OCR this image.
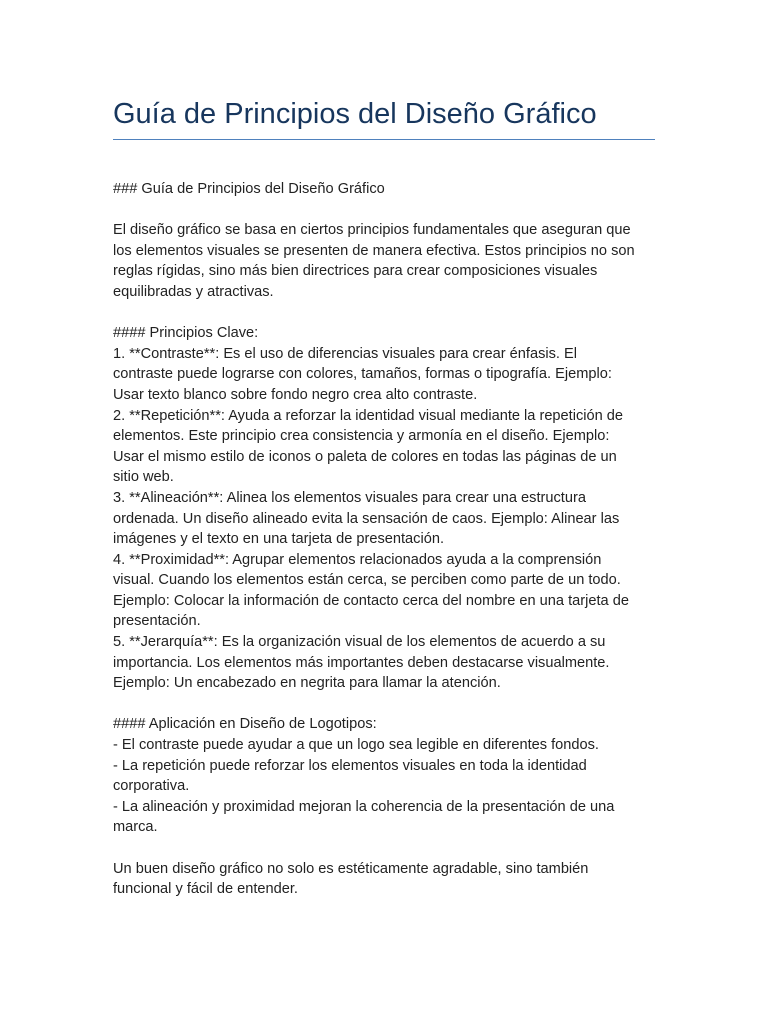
Guía de Principios del Diseño Gráfico

### Guía de Principios del Diseño Gráfico

El diseño gráfico se basa en ciertos principios fundamentales que aseguran que

los elementos visuales se presenten de manera efectiva. Estos principios no son

reglas rígidas, sino más bien directrices para crear composiciones visuales

equilibradas y atractivas.

#### Principios Clave:

1. **Contraste**: Es el uso de diferencias visuales para crear énfasis. El

contraste puede lograrse con colores, tamaños, formas o tipografía. Ejemplo:

Usar texto blanco sobre fondo negro crea alto contraste.

2. **Repetición**: Ayuda a reforzar la identidad visual mediante la repetición de

elementos. Este principio crea consistencia y armonía en el diseño. Ejemplo:

Usar el mismo estilo de iconos o paleta de colores en todas las páginas de un

sitio web.

3. **Alineación**: Alinea los elementos visuales para crear una estructura

ordenada. Un diseño alineado evita la sensación de caos. Ejemplo: Alinear las

imágenes y el texto en una tarjeta de presentación.

4. **Proximidad**: Agrupar elementos relacionados ayuda a la comprensión

visual. Cuando los elementos están cerca, se perciben como parte de un todo.

Ejemplo: Colocar la información de contacto cerca del nombre en una tarjeta de

presentación.

5. **Jerarquía**: Es la organización visual de los elementos de acuerdo a su

importancia. Los elementos más importantes deben destacarse visualmente.

Ejemplo: Un encabezado en negrita para llamar la atención.

#### Aplicación en Diseño de Logotipos:

- El contraste puede ayudar a que un logo sea legible en diferentes fondos.

- La repetición puede reforzar los elementos visuales en toda la identidad

corporativa.

- La alineación y proximidad mejoran la coherencia de la presentación de una

marca.

Un buen diseño gráfico no solo es estéticamente agradable, sino también

funcional y fácil de entender.
